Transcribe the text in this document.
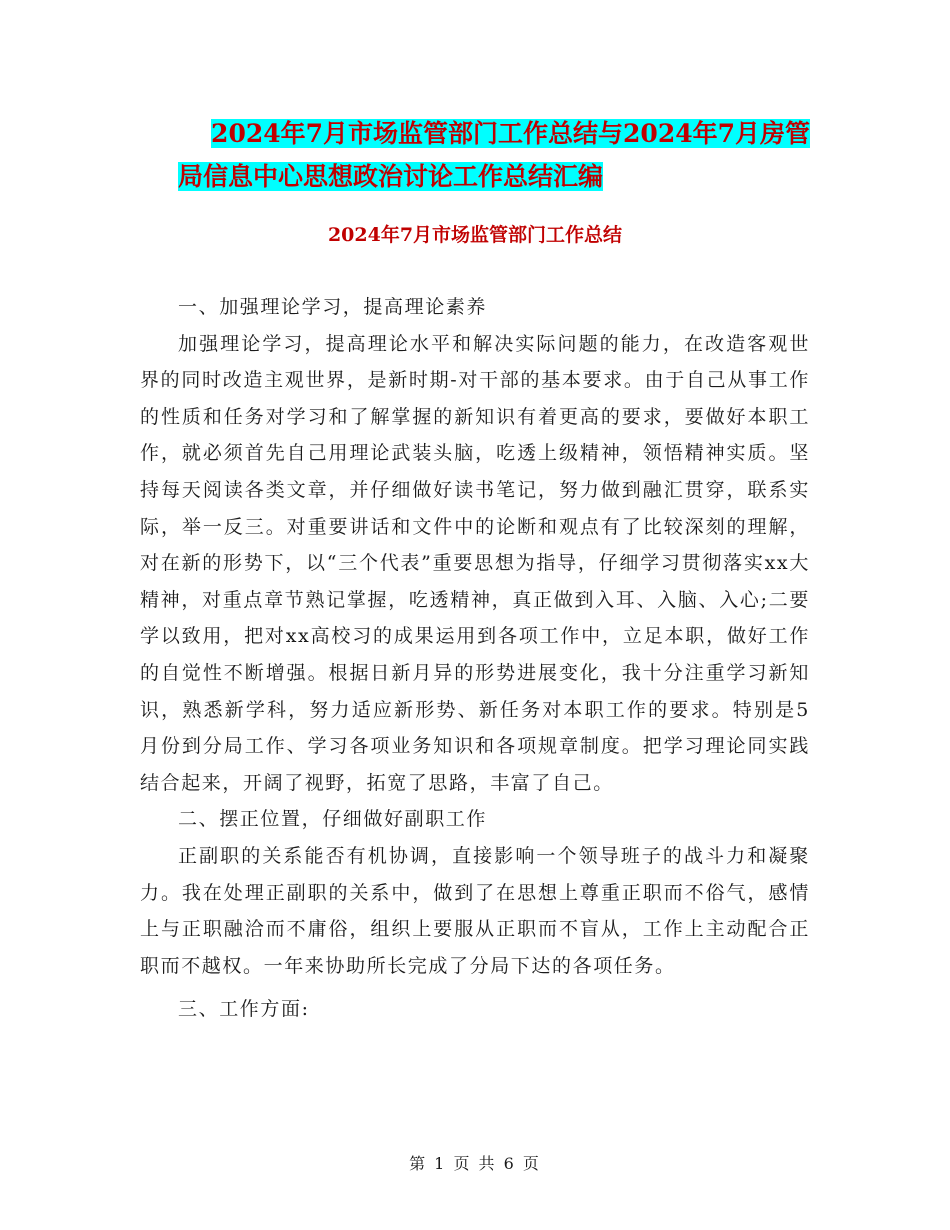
2024年7月市场监管部门工作总结与2024年7月房管
局信息中心思想政治讨论工作总结汇编
2024年7月市场监管部门工作总结

一、加强理论学习，提高理论素养

加强理论学习，提高理论水平和解决实际问题的能力，在改造客观世界的同时改造主观世界，是新时期-对干部的基本要求。由于自己从事工作的性质和任务对学习和了解掌握的新知识有着更高的要求，要做好本职工作，就必须首先自己用理论武装头脑，吃透上级精神，领悟精神实质。坚持每天阅读各类文章，并仔细做好读书笔记，努力做到融汇贯穿，联系实际，举一反三。对重要讲话和文件中的论断和观点有了比较深刻的理解，对在新的形势下，以“三个代表”重要思想为指导，仔细学习贯彻落实xx大精神，对重点章节熟记掌握，吃透精神，真正做到入耳、入脑、入心;二要学以致用，把对xx高校习的成果运用到各项工作中，立足本职，做好工作的自觉性不断增强。根据日新月异的形势进展变化，我十分注重学习新知识，熟悉新学科，努力适应新形势、新任务对本职工作的要求。特别是5月份到分局工作、学习各项业务知识和各项规章制度。把学习理论同实践结合起来，开阔了视野，拓宽了思路，丰富了自己。

二、摆正位置，仔细做好副职工作

正副职的关系能否有机协调，直接影响一个领导班子的战斗力和凝聚力。我在处理正副职的关系中，做到了在思想上尊重正职而不俗气，感情上与正职融洽而不庸俗，组织上要服从正职而不盲从，工作上主动配合正职而不越权。一年来协助所长完成了分局下达的各项任务。

三、工作方面:

第 1 页 共 6 页
